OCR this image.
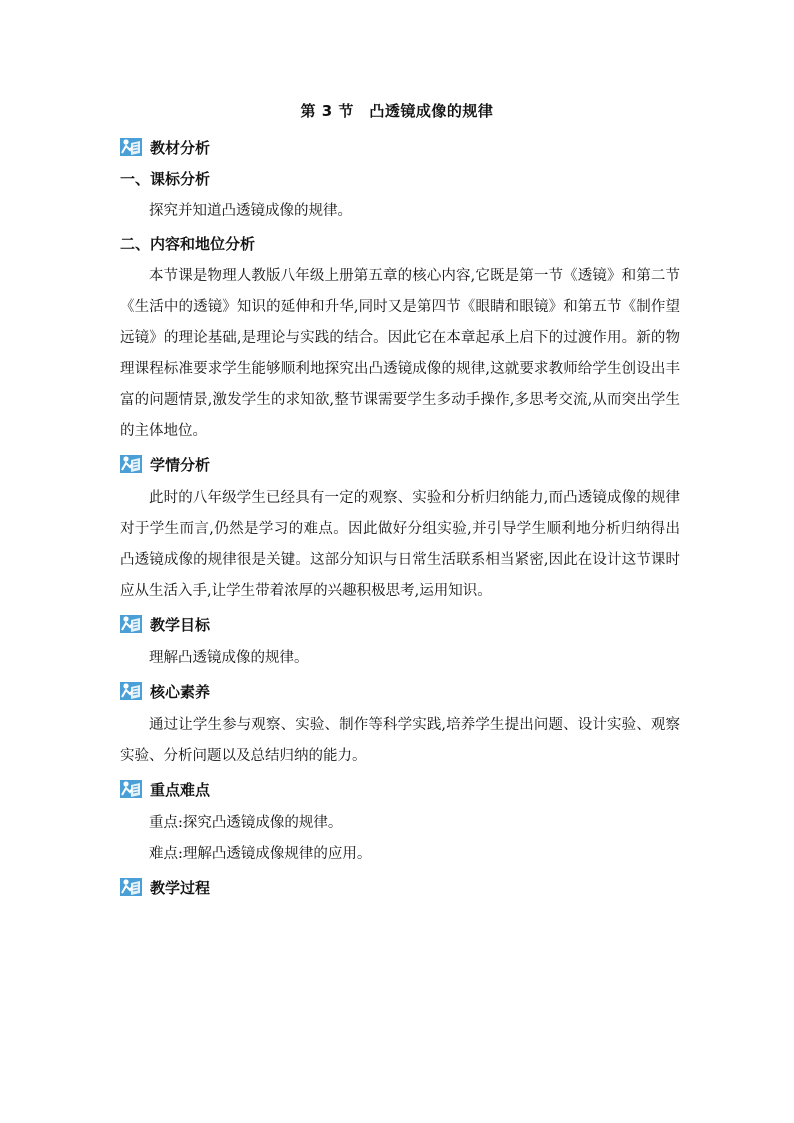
第 3 节　凸透镜成像的规律
教材分析
一、课标分析

探究并知道凸透镜成像的规律。

二、内容和地位分析

本节课是物理人教版八年级上册第五章的核心内容,它既是第一节《透镜》和第二节《生活中的透镜》知识的延伸和升华,同时又是第四节《眼睛和眼镜》和第五节《制作望远镜》的理论基础,是理论与实践的结合。因此它在本章起承上启下的过渡作用。新的物理课程标准要求学生能够顺利地探究出凸透镜成像的规律,这就要求教师给学生创设出丰富的问题情景,激发学生的求知欲,整节课需要学生多动手操作,多思考交流,从而突出学生的主体地位。

学情分析

此时的八年级学生已经具有一定的观察、实验和分析归纳能力,而凸透镜成像的规律对于学生而言,仍然是学习的难点。因此做好分组实验,并引导学生顺利地分析归纳得出凸透镜成像的规律很是关键。这部分知识与日常生活联系相当紧密,因此在设计这节课时应从生活入手,让学生带着浓厚的兴趣积极思考,运用知识。

教学目标

理解凸透镜成像的规律。

核心素养

通过让学生参与观察、实验、制作等科学实践,培养学生提出问题、设计实验、观察实验、分析问题以及总结归纳的能力。

重点难点

重点:探究凸透镜成像的规律。

难点:理解凸透镜成像规律的应用。

教学过程
